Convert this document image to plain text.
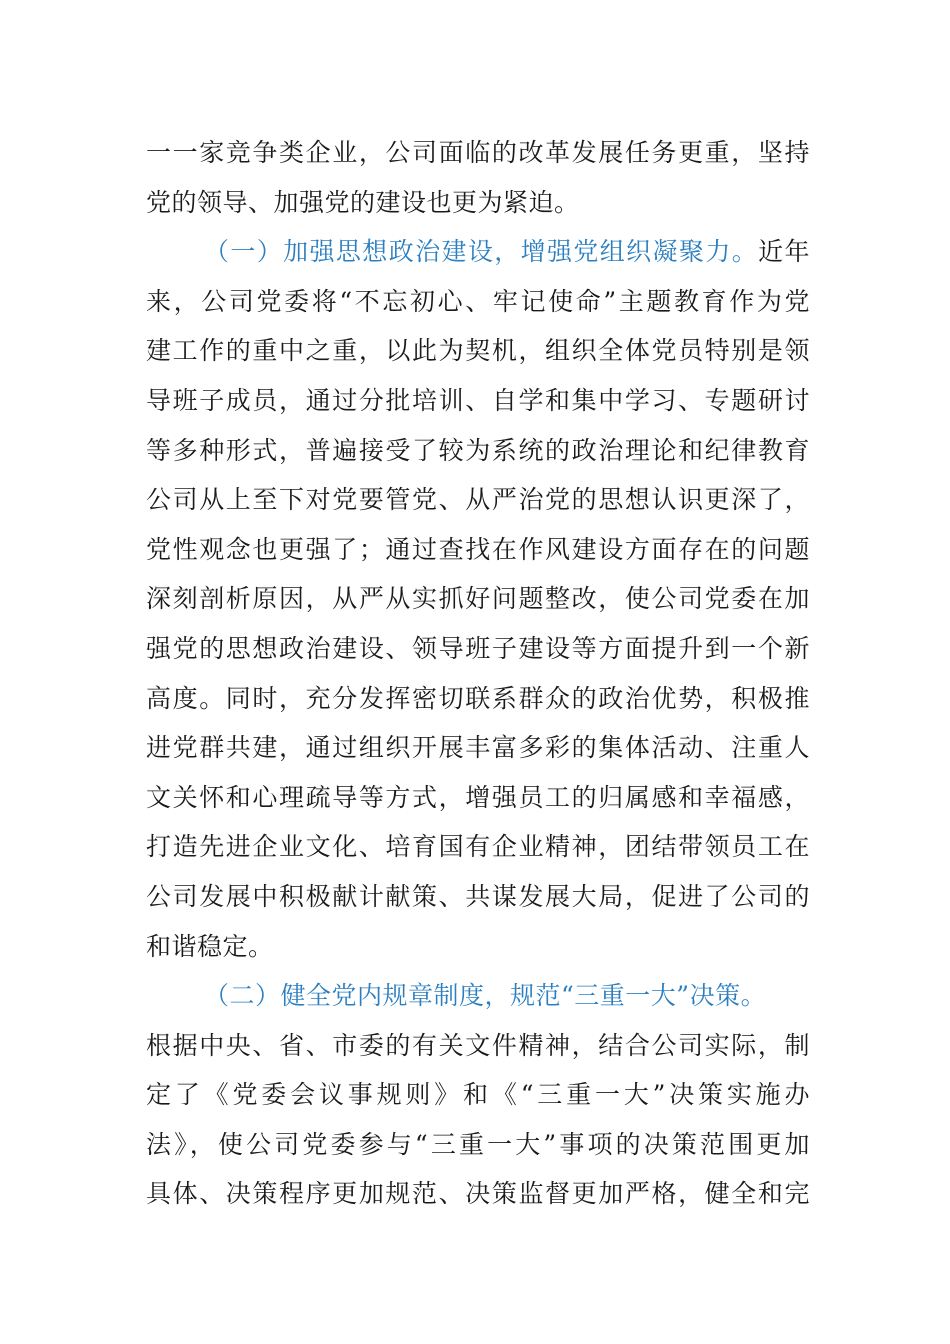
一一家竞争类企业，公司面临的改革发展任务更重，坚持
党的领导、加强党的建设也更为紧迫。
（一）加强思想政治建设，增强党组织凝聚力。近年
来，公司党委将“不忘初心、牢记使命”主题教育作为党
建工作的重中之重，以此为契机，组织全体党员特别是领
导班子成员，通过分批培训、自学和集中学习、专题研讨
等多种形式，普遍接受了较为系统的政治理论和纪律教育
公司从上至下对党要管党、从严治党的思想认识更深了，
党性观念也更强了；通过查找在作风建设方面存在的问题
深刻剖析原因，从严从实抓好问题整改，使公司党委在加
强党的思想政治建设、领导班子建设等方面提升到一个新
高度。同时，充分发挥密切联系群众的政治优势，积极推
进党群共建，通过组织开展丰富多彩的集体活动、注重人
文关怀和心理疏导等方式，增强员工的归属感和幸福感，
打造先进企业文化、培育国有企业精神，团结带领员工在
公司发展中积极献计献策、共谋发展大局，促进了公司的
和谐稳定。
（二）健全党内规章制度，规范“三重一大”决策。
根据中央、省、市委的有关文件精神，结合公司实际，制
定了《党委会议事规则》和《“三重一大”决策实施办
法》，使公司党委参与“三重一大”事项的决策范围更加
具体、决策程序更加规范、决策监督更加严格，健全和完
